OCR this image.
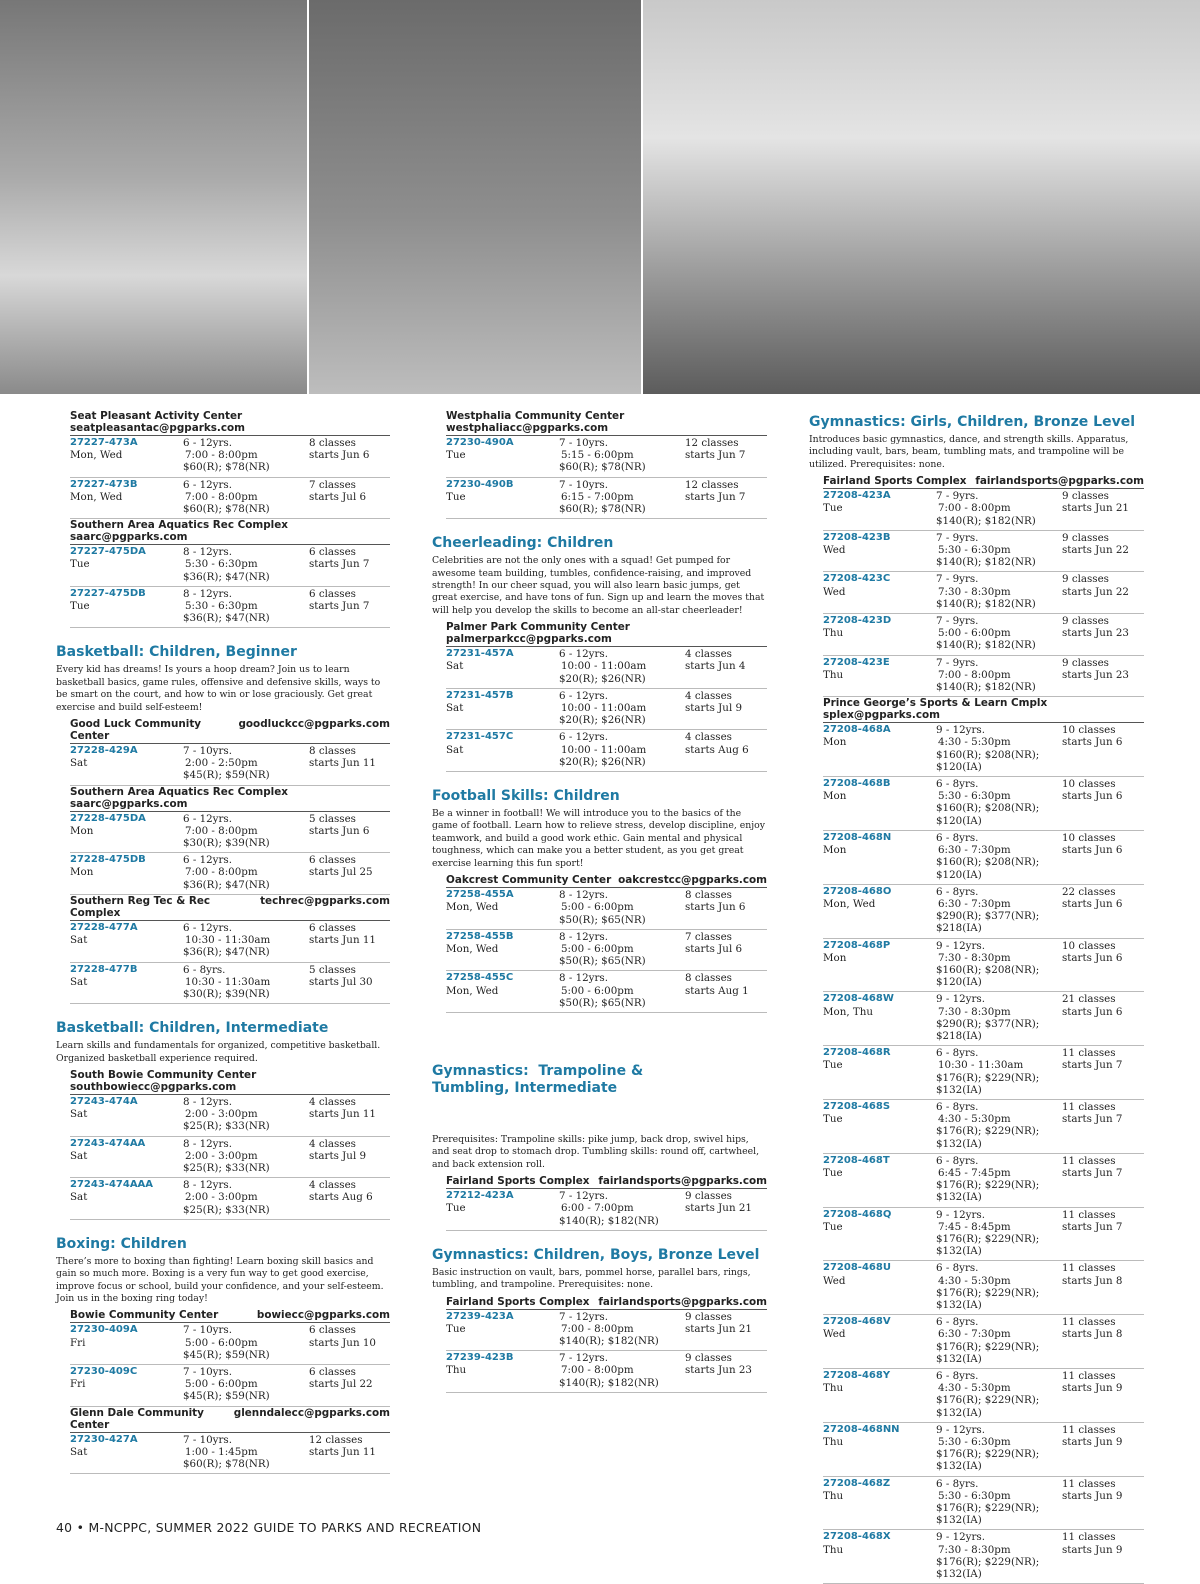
Seat Pleasant Activity Center
seatpleasantac@pgparks.com
27227-473A
Mon, Wed
6 - 12yrs.
7:00 - 8:00pm
$60(R); $78(NR)
8 classes
starts Jun 6
27227-473B
Mon, Wed
6 - 12yrs.
7:00 - 8:00pm
$60(R); $78(NR)
7 classes
starts Jul 6
Southern Area Aquatics Rec Complex
saarc@pgparks.com
27227-475DA
Tue
8 - 12yrs.
5:30 - 6:30pm
$36(R); $47(NR)
6 classes
starts Jun 7
27227-475DB
Tue
8 - 12yrs.
5:30 - 6:30pm
$36(R); $47(NR)
6 classes
starts Jun 7
Basketball: Children, Beginner
Every kid has dreams! Is yours a hoop dream? Join us to learn basketball basics, game rules, offensive and defensive skills, ways to be smart on the court, and how to win or lose graciously. Get great exercise and build self-esteem!
Good Luck Community Center
goodluckcc@pgparks.com
27228-429A
Sat
7 - 10yrs.
2:00 - 2:50pm
$45(R); $59(NR)
8 classes
starts Jun 11
Southern Area Aquatics Rec Complex
saarc@pgparks.com
27228-475DA
Mon
6 - 12yrs.
7:00 - 8:00pm
$30(R); $39(NR)
5 classes
starts Jun 6
27228-475DB
Mon
6 - 12yrs.
7:00 - 8:00pm
$36(R); $47(NR)
6 classes
starts Jul 25
Southern Reg Tec & Rec Complex
techrec@pgparks.com
27228-477A
Sat
6 - 12yrs.
10:30 - 11:30am
$36(R); $47(NR)
6 classes
starts Jun 11
27228-477B
Sat
6 - 8yrs.
10:30 - 11:30am
$30(R); $39(NR)
5 classes
starts Jul 30
Basketball: Children, Intermediate
Learn skills and fundamentals for organized, competitive basketball. Organized basketball experience required.
South Bowie Community Center
southbowiecc@pgparks.com
27243-474A
Sat
8 - 12yrs.
2:00 - 3:00pm
$25(R); $33(NR)
4 classes
starts Jun 11
27243-474AA
Sat
8 - 12yrs.
2:00 - 3:00pm
$25(R); $33(NR)
4 classes
starts Jul 9
27243-474AAA
Sat
8 - 12yrs.
2:00 - 3:00pm
$25(R); $33(NR)
4 classes
starts Aug 6
Boxing: Children
There’s more to boxing than fighting! Learn boxing skill basics and gain so much more. Boxing is a very fun way to get good exercise, improve focus or school, build your confidence, and your self-esteem. Join us in the boxing ring today!
Bowie Community Center	bowiecc@pgparks.com
27230-409A
Fri
7 - 10yrs.
5:00 - 6:00pm
$45(R); $59(NR)
6 classes
starts Jun 10
27230-409C
Fri
7 - 10yrs.
5:00 - 6:00pm
$45(R); $59(NR)
6 classes
starts Jul 22
Glenn Dale Community Center
glenndalecc@pgparks.com
27230-427A
Sat
7 - 10yrs.
1:00 - 1:45pm
$60(R); $78(NR)
12 classes
starts Jun 11
Westphalia Community Center
westphaliacc@pgparks.com
27230-490A
Tue
7 - 10yrs.
5:15 - 6:00pm
$60(R); $78(NR)
12 classes
starts Jun 7
27230-490B
Tue
7 - 10yrs.
6:15 - 7:00pm
$60(R); $78(NR)
12 classes
starts Jun 7
Cheerleading: Children
Celebrities are not the only ones with a squad! Get pumped for awesome team building, tumbles, confidence-raising, and improved strength! In our cheer squad, you will also learn basic jumps, get great exercise, and have tons of fun. Sign up and learn the moves that will help you develop the skills to become an all-star cheerleader!
Palmer Park Community Center
palmerparkcc@pgparks.com
27231-457A
Sat
6 - 12yrs.
10:00 - 11:00am
$20(R); $26(NR)
4 classes
starts Jun 4
27231-457B
Sat
6 - 12yrs.
10:00 - 11:00am
$20(R); $26(NR)
4 classes
starts Jul 9
27231-457C
Sat
6 - 12yrs.
10:00 - 11:00am
$20(R); $26(NR)
4 classes
starts Aug 6
Football Skills: Children
Be a winner in football! We will introduce you to the basics of the game of football. Learn how to relieve stress, develop discipline, enjoy teamwork, and build a good work ethic. Gain mental and physical toughness, which can make you a better student, as you get great exercise learning this fun sport!
Oakcrest Community Center oakcrestcc@pgparks.com
27258-455A
Mon, Wed
8 - 12yrs.
5:00 - 6:00pm
$50(R); $65(NR)
8 classes
starts Jun 6
27258-455B
Mon, Wed
8 - 12yrs.
5:00 - 6:00pm
$50(R); $65(NR)
7 classes
starts Jul 6
27258-455C
Mon, Wed
8 - 12yrs.
5:00 - 6:00pm
$50(R); $65(NR)
8 classes
starts Aug 1

Gymnastics:  Trampoline &
Tumbling, Intermediate

Prerequisites: Trampoline skills: pike jump, back drop, swivel hips, and seat drop to stomach drop. Tumbling skills: round off, cartwheel, and back extension roll.
Fairland Sports Complex fairlandsports@pgparks.com
27212-423A
Tue
7 - 12yrs.
6:00 - 7:00pm
$140(R); $182(NR)
9 classes
starts Jun 21
Gymnastics: Children, Boys, Bronze Level
Basic instruction on vault, bars, pommel horse, parallel bars, rings, tumbling, and trampoline. Prerequisites: none.
Fairland Sports Complex fairlandsports@pgparks.com
27239-423A
Tue
7 - 12yrs.
7:00 - 8:00pm
$140(R); $182(NR)
9 classes
starts Jun 21
27239-423B
Thu
7 - 12yrs.
7:00 - 8:00pm
$140(R); $182(NR)
9 classes
starts Jun 23
Gymnastics: Girls, Children, Bronze Level
Introduces basic gymnastics, dance, and strength skills. Apparatus, including vault, bars, beam, tumbling mats, and trampoline will be utilized. Prerequisites: none.
Fairland Sports Complex fairlandsports@pgparks.com
27208-423A
Tue
7 - 9yrs.
7:00 - 8:00pm
$140(R); $182(NR)
9 classes
starts Jun 21
27208-423B
Wed
7 - 9yrs.
5:30 - 6:30pm
$140(R); $182(NR)
9 classes
starts Jun 22
27208-423C
Wed
7 - 9yrs.
7:30 - 8:30pm
$140(R); $182(NR)
9 classes
starts Jun 22
27208-423D
Thu
7 - 9yrs.
5:00 - 6:00pm
$140(R); $182(NR)
9 classes
starts Jun 23
27208-423E
Thu
7 - 9yrs.
7:00 - 8:00pm
$140(R); $182(NR)
9 classes
starts Jun 23
Prince George’s Sports & Learn Cmplx
splex@pgparks.com
27208-468A
Mon
9 - 12yrs.
4:30 - 5:30pm
$160(R); $208(NR); $120(IA)
10 classes
starts Jun 6
27208-468B
Mon
6 - 8yrs.
5:30 - 6:30pm
$160(R); $208(NR); $120(IA)
10 classes
starts Jun 6
27208-468N
Mon
6 - 8yrs.
6:30 - 7:30pm
$160(R); $208(NR); $120(IA)
10 classes
starts Jun 6
27208-468O
Mon, Wed
6 - 8yrs.
6:30 - 7:30pm
$290(R); $377(NR); $218(IA)
22 classes
starts Jun 6
27208-468P
Mon
9 - 12yrs.
7:30 - 8:30pm
$160(R); $208(NR); $120(IA)
10 classes
starts Jun 6
27208-468W
Mon, Thu
9 - 12yrs.
7:30 - 8:30pm
$290(R); $377(NR); $218(IA)
21 classes
starts Jun 6
27208-468R
Tue
6 - 8yrs.
10:30 - 11:30am
$176(R); $229(NR); $132(IA)
11 classes
starts Jun 7
27208-468S
Tue
6 - 8yrs.
4:30 - 5:30pm
$176(R); $229(NR); $132(IA)
11 classes
starts Jun 7
27208-468T
Tue
6 - 8yrs.
6:45 - 7:45pm
$176(R); $229(NR); $132(IA)
11 classes
starts Jun 7
27208-468Q
Tue
9 - 12yrs.
7:45 - 8:45pm
$176(R); $229(NR); $132(IA)
11 classes
starts Jun 7
27208-468U
Wed
6 - 8yrs.
4:30 - 5:30pm
$176(R); $229(NR); $132(IA)
11 classes
starts Jun 8
27208-468V
Wed
6 - 8yrs.
6:30 - 7:30pm
$176(R); $229(NR); $132(IA)
11 classes
starts Jun 8
27208-468Y
Thu
6 - 8yrs.
4:30 - 5:30pm
$176(R); $229(NR); $132(IA)
11 classes
starts Jun 9
27208-468NN
Thu
9 - 12yrs.
5:30 - 6:30pm
$176(R); $229(NR); $132(IA)
11 classes
starts Jun 9
27208-468Z
Thu
6 - 8yrs.
5:30 - 6:30pm
$176(R); $229(NR); $132(IA)
11 classes
starts Jun 9
27208-468X
Thu
9 - 12yrs.
7:30 - 8:30pm
$176(R); $229(NR); $132(IA)
11 classes
starts Jun 9
40 • M-NCPPC, SUMMER 2022 GUIDE TO PARKS AND RECREATION
